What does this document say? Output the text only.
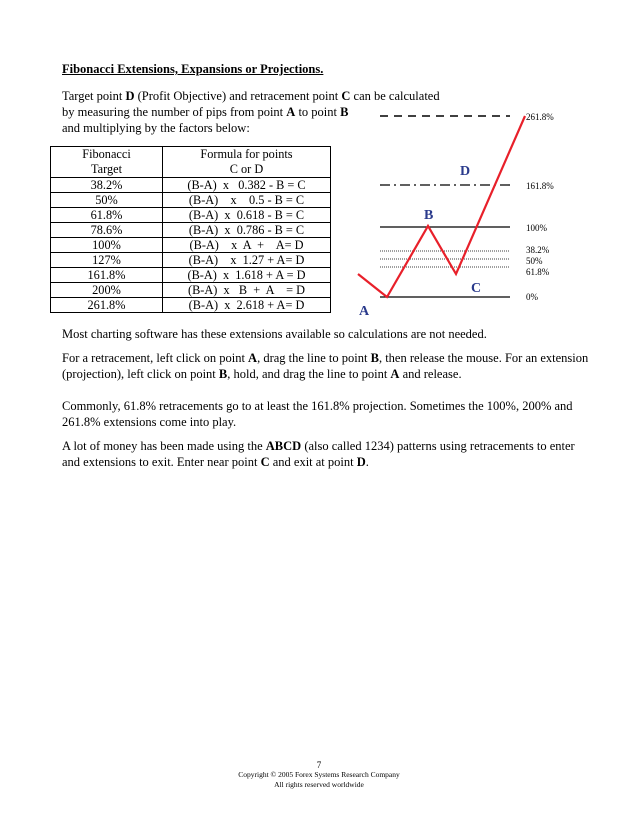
Fibonacci Extensions, Expansions or Projections.
Target point D (Profit Objective) and retracement point C can be calculated
by measuring the number of pips from point A to point B
and multiplying by the factors below:
Fibonacci
Target	Formula for points
C or D
38.2%	(B-A)  x   0.382 - B = C
50%	(B-A)    x    0.5 - B = C
61.8%	(B-A)  x  0.618 - B = C
78.6%	(B-A)  x  0.786 - B = C
100%	(B-A)    x  A  +    A= D
127%	(B-A)    x  1.27 + A= D
161.8%	(B-A)  x  1.618 + A = D
200%	(B-A)  x   B  +  A    = D
261.8%	(B-A)  x  2.618 + A= D
261.8%
161.8%
100%
38.2%
50%
61.8%
0%
A
B
C
D
Most charting software has these extensions available so calculations are not needed.
For a retracement, left click on point A, drag the line to point B, then release the mouse. For an extension (projection), left click on point B, hold, and drag the line to point A and release.
Commonly, 61.8% retracements go to at least the 161.8% projection. Sometimes the 100%, 200% and 261.8% extensions come into play.
A lot of money has been made using the ABCD (also called 1234) patterns using retracements to enter and extensions to exit. Enter near point C and exit at point D.
7
Copyright © 2005 Forex Systems Research Company
All rights reserved worldwide
